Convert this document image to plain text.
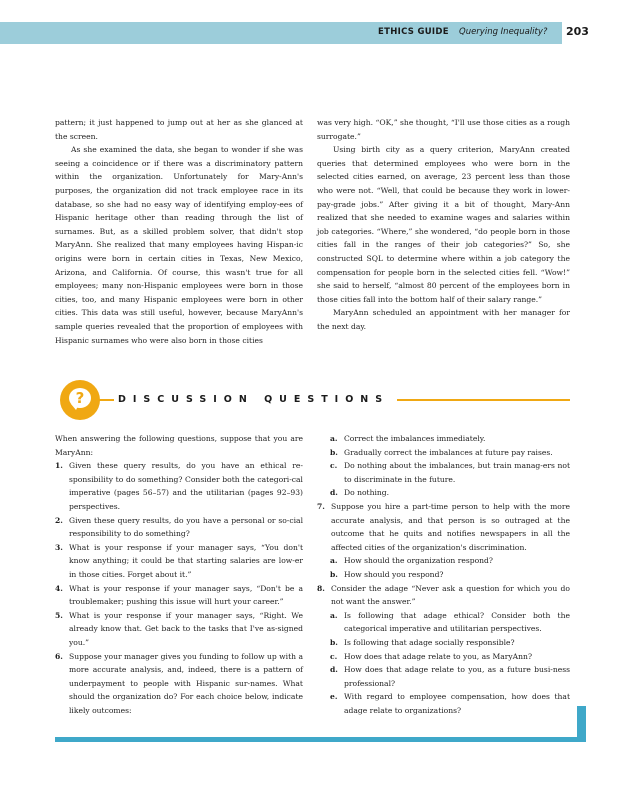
ETHICS GUIDE Querying Inequality? 203

pattern; it just happened to jump out at her as she glanced at the screen.

As she examined the data, she began to wonder if she was seeing a coincidence or if there was a discriminatory pattern within the organization. Unfortunately for Mary-Ann's purposes, the organization did not track employee race in its database, so she had no easy way of identifying employ-ees of Hispanic heritage other than reading through the list of surnames. But, as a skilled problem solver, that didn't stop MaryAnn. She realized that many employees having Hispan-ic origins were born in certain cities in Texas, New Mexico, Arizona, and California. Of course, this wasn't true for all employees; many non-Hispanic employees were born in those cities, too, and many Hispanic employees were born in other cities. This data was still useful, however, because MaryAnn's sample queries revealed that the proportion of employees with Hispanic surnames who were also born in those cities

was very high. “OK,” she thought, “I'll use those cities as a rough surrogate.”

Using birth city as a query criterion, MaryAnn created queries that determined employees who were born in the selected cities earned, on average, 23 percent less than those who were not. “Well, that could be because they work in lower-pay-grade jobs.” After giving it a bit of thought, Mary-Ann realized that she needed to examine wages and salaries within job categories. “Where,” she wondered, “do people born in those cities fall in the ranges of their job categories?” So, she constructed SQL to determine where within a job category the compensation for people born in the selected cities fell. “Wow!” she said to herself, “almost 80 percent of the employees born in those cities fall into the bottom half of their salary range.”

MaryAnn scheduled an appointment with her manager for the next day.

?	DISCUSSION QUESTIONS

When answering the following questions, suppose that you are MaryAnn:

1. Given these query results, do you have an ethical re-sponsibility to do something? Consider both the categori-cal imperative (pages 56–57) and the utilitarian (pages 92–93) perspectives.
2. Given these query results, do you have a personal or so-cial responsibility to do something?
3. What is your response if your manager says, “You don't know anything; it could be that starting salaries are low-er in those cities. Forget about it.”
4. What is your response if your manager says, “Don't be a troublemaker; pushing this issue will hurt your career.”
5. What is your response if your manager says, “Right. We already know that. Get back to the tasks that I've as-signed you.”
6. Suppose your manager gives you funding to follow up with a more accurate analysis, and, indeed, there is a pattern of underpayment to people with Hispanic sur-names. What should the organization do? For each choice below, indicate likely outcomes:
a. Correct the imbalances immediately.
b. Gradually correct the imbalances at future pay raises.
c. Do nothing about the imbalances, but train manag-ers not to discriminate in the future.
d. Do nothing.
7. Suppose you hire a part-time person to help with the more accurate analysis, and that person is so outraged at the outcome that he quits and notifies newspapers in all the affected cities of the organization's discrimination.
a. How should the organization respond?
b. How should you respond?
8. Consider the adage “Never ask a question for which you do not want the answer.”
a. Is following that adage ethical? Consider both the categorical imperative and utilitarian perspectives.
b. Is following that adage socially responsible?
c. How does that adage relate to you, as MaryAnn?
d. How does that adage relate to you, as a future busi-ness professional?
e. With regard to employee compensation, how does that adage relate to organizations?
